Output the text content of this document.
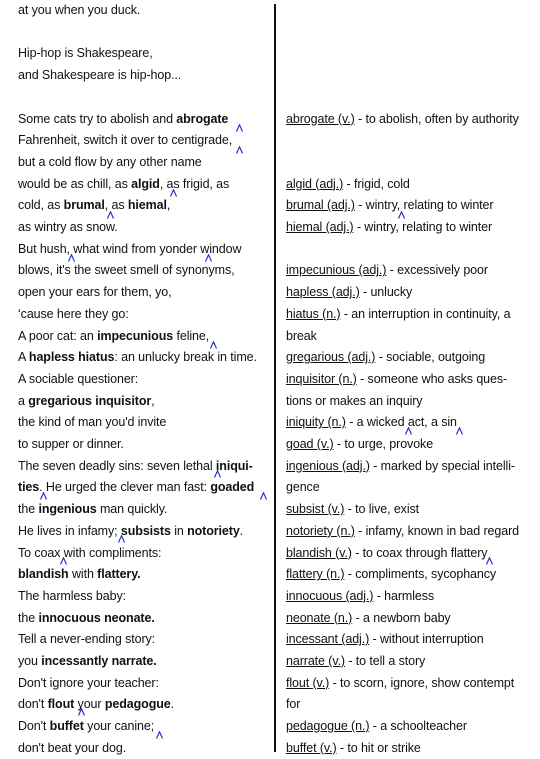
at you when you duck.
Hip-hop is Shakespeare,
and Shakespeare is hip-hop...
Some cats try to abolish and abrogate
Fahrenheit, switch it over to centigrade,
but a cold flow by any other name
would be as chill, as algid, as frigid, as
cold, as brumal, as hiemal,
as wintry as snow.
But hush, what wind from yonder window
blows, it's the sweet smell of synonyms,
open your ears for them, yo,
‘cause here they go:
A poor cat: an impecunious feline,
A hapless hiatus: an unlucky break in time.
A sociable questioner:
a gregarious inquisitor,
the kind of man you'd invite
to supper or dinner.
The seven deadly sins: seven lethal iniqui-
ties. He urged the clever man fast: goaded
the ingenious man quickly.
He lives in infamy; subsists in notoriety.
To coax with compliments:
blandish with flattery.
The harmless baby:
the innocuous neonate.
Tell a never-ending story:
you incessantly narrate.
Don't ignore your teacher:
don't flout your pedagogue.
Don't buffet your canine;
don't beat your dog.
abrogate (v.) - to abolish, often by authority
algid (adj.) - frigid, cold
brumal (adj.) - wintry, relating to winter
hiemal (adj.) - wintry, relating to winter
impecunious (adj.) - excessively poor
hapless (adj.) - unlucky
hiatus (n.) - an interruption in continuity, a
break
gregarious (adj.) - sociable, outgoing
inquisitor (n.) - someone who asks ques-
tions or makes an inquiry
iniquity (n.) - a wicked act, a sin
goad (v.) - to urge, provoke
ingenious (adj.) - marked by special intelli-
gence
subsist (v.) - to live, exist
notoriety (n.) - infamy, known in bad regard
blandish (v.) - to coax through flattery
flattery (n.) - compliments, sycophancy
innocuous (adj.) - harmless
neonate (n.) - a newborn baby
incessant (adj.) - without interruption
narrate (v.) - to tell a story
flout (v.) - to scorn, ignore, show contempt
for
pedagogue (n.) - a schoolteacher
buffet (v.) - to hit or strike
